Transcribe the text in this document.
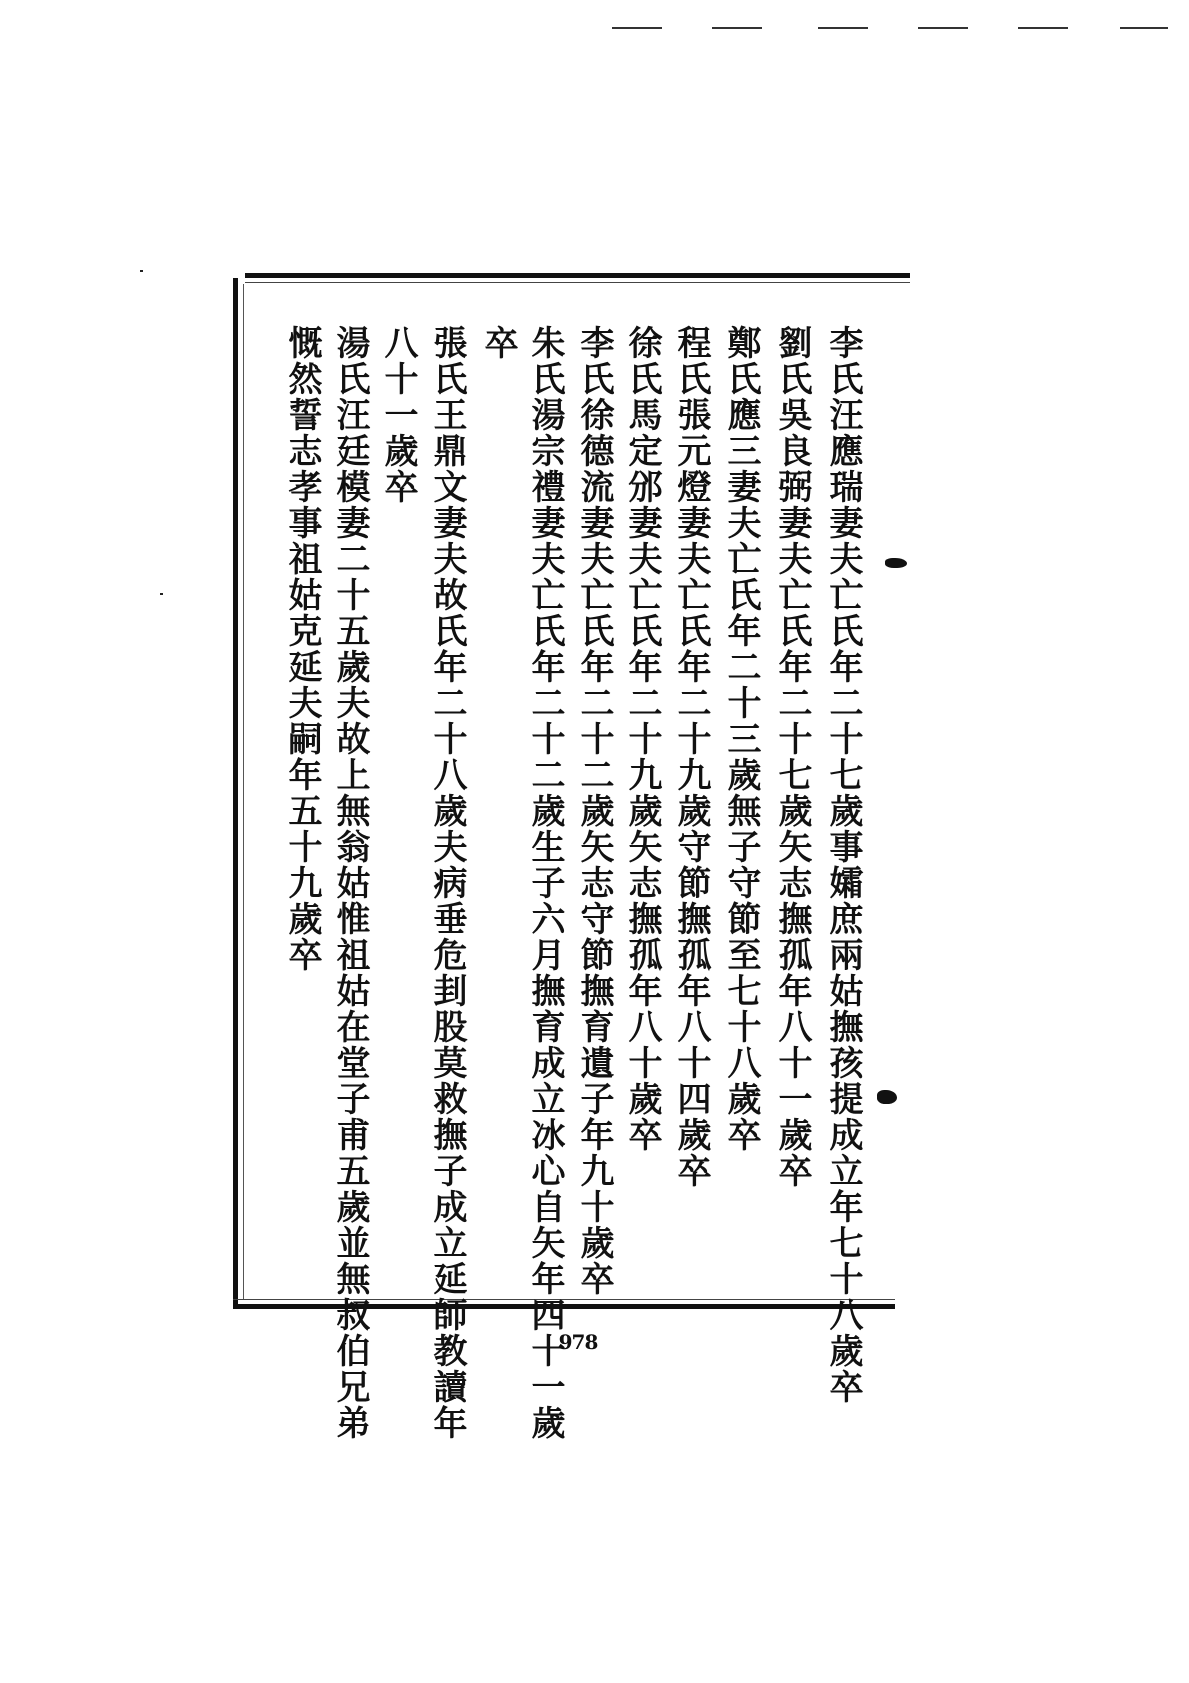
李氏汪應瑞妻夫亡氏年二十七歲事孀庶兩姑撫孩提成立年七十八歲卒
劉氏吳良弼妻夫亡氏年二十七歲矢志撫孤年八十一歲卒
鄭氏應三妻夫亡氏年二十三歲無子守節至七十八歲卒
程氏張元燈妻夫亡氏年二十九歲守節撫孤年八十四歲卒
徐氏馬定邠妻夫亡氏年二十九歲矢志撫孤年八十歲卒
李氏徐德流妻夫亡氏年二十二歲矢志守節撫育遺子年九十歲卒
朱氏湯宗禮妻夫亡氏年二十二歲生子六月撫育成立冰心自矢年四十一歲
卒
張氏王鼎文妻夫故氏年二十八歲夫病垂危刲股莫救撫子成立延師教讀年
八十一歲卒
湯氏汪廷模妻二十五歲夫故上無翁姑惟祖姑在堂子甫五歲並無叔伯兄弟
慨然誓志孝事祖姑克延夫嗣年五十九歲卒
978
